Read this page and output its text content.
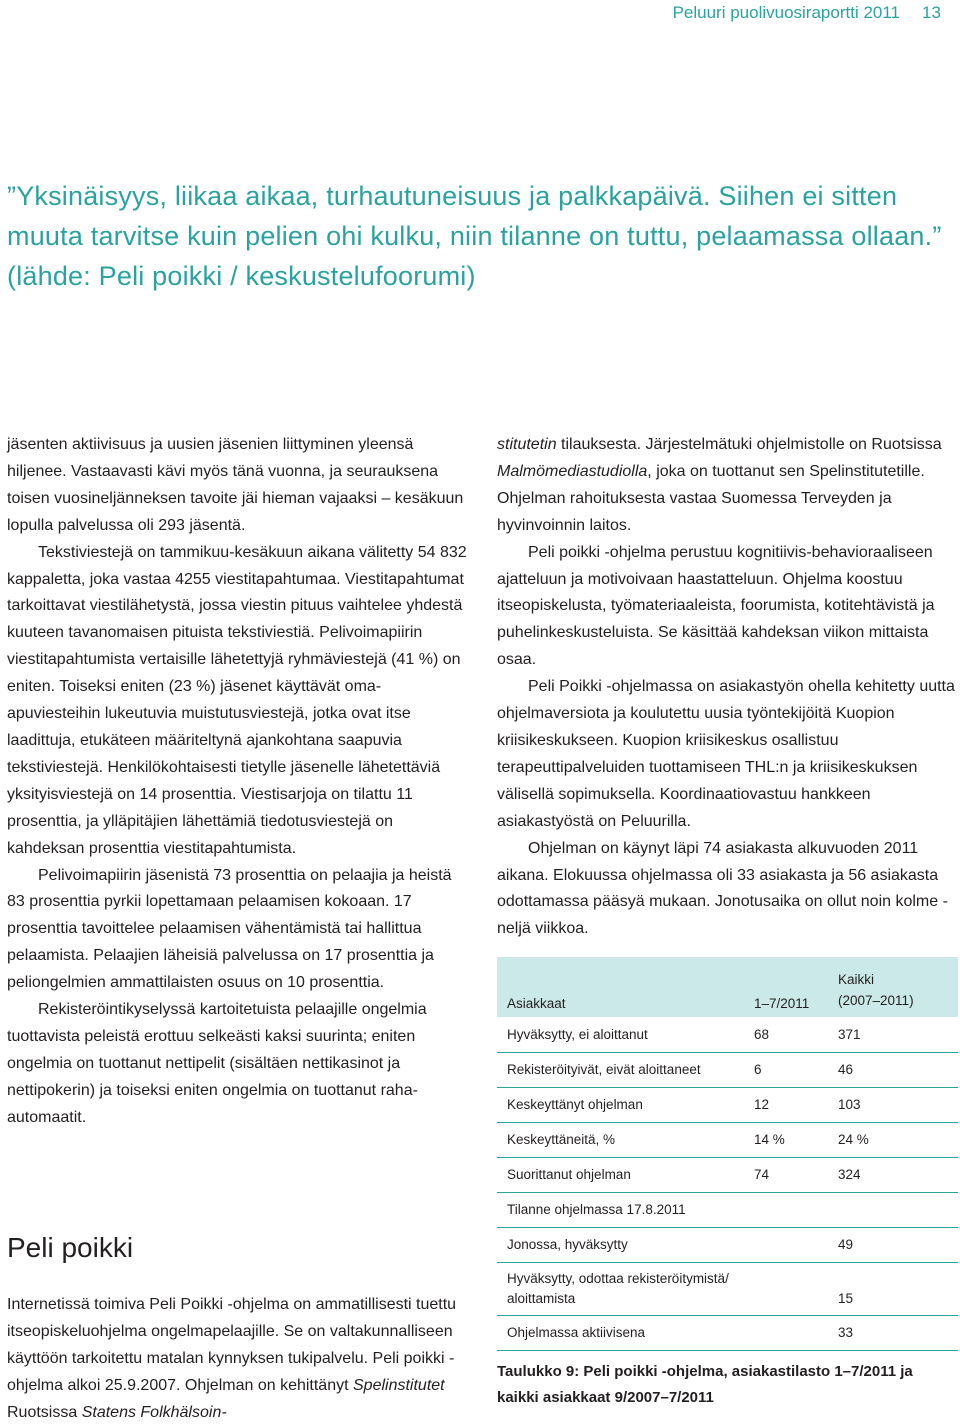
Peluuri puolivuosiraportti 2011 13
”Yksinäisyys, liikaa aikaa, turhautuneisuus ja palkkapäivä. Siihen ei sitten muuta tarvitse kuin pelien ohi kulku, niin tilanne on tuttu, pelaamassa ollaan.” (lähde: Peli poikki / keskustelufoorumi)

jäsenten aktiivisuus ja uusien jäsenien liittyminen yleensä hiljenee. Vastaavasti kävi myös tänä vuonna, ja seurauksena toisen vuosineljänneksen tavoite jäi hieman vajaaksi – kesäkuun lopulla palvelussa oli 293 jäsentä.

Tekstiviestejä on tammikuu-kesäkuun aikana välitetty 54 832 kappaletta, joka vastaa 4255 viestitapahtumaa. Viestitapahtumat tarkoittavat viestilähetystä, jossa viestin pituus vaihtelee yhdestä kuuteen tavanomaisen pituista tekstiviestiä. Pelivoimapiirin viestitapahtumista vertaisille lähetettyjä ryhmäviestejä (41 %) on eniten. Toiseksi eniten (23 %) jäsenet käyttävät oma-apuviesteihin lukeutuvia muistutusviestejä, jotka ovat itse laadittuja, etukäteen määriteltynä ajankohtana saapuvia tekstiviestejä. Henkilökohtaisesti tietylle jäsenelle lähetettäviä yksityisviestejä on 14 prosenttia. Viestisarjoja on tilattu 11 prosenttia, ja ylläpitäjien lähettämiä tiedotusviestejä on kahdeksan prosenttia viestitapahtumista.

Pelivoimapiirin jäsenistä 73 prosenttia on pelaajia ja heistä 83 prosenttia pyrkii lopettamaan pelaamisen kokoaan. 17 prosenttia tavoittelee pelaamisen vähentämistä tai hallittua pelaamista. Pelaajien läheisiä palvelussa on 17 prosenttia ja peliongelmien ammattilaisten osuus on 10 prosenttia.

Rekisteröintikyselyssä kartoitetuista pelaajille ongelmia tuottavista peleistä erottuu selkeästi kaksi suurinta; eniten ongelmia on tuottanut nettipelit (sisältäen nettikasinot ja nettipokerin) ja toiseksi eniten ongelmia on tuottanut raha-automaatit.

Peli poikki

Internetissä toimiva Peli Poikki -ohjelma on ammatillisesti tuettu itseopiskeluohjelma ongelmapelaajille. Se on valtakunnalliseen käyttöön tarkoitettu matalan kynnyksen tukipalvelu. Peli poikki -ohjelma alkoi 25.9.2007. Ohjelman on kehittänyt Spelinstitutet Ruotsissa Statens Folkhälsoin-

stitutetin tilauksesta. Järjestelmätuki ohjelmistolle on Ruotsissa Malmömediastudiolla, joka on tuottanut sen Spelinstitutetille. Ohjelman rahoituksesta vastaa Suomessa Terveyden ja hyvinvoinnin laitos.

Peli poikki -ohjelma perustuu kognitiivis-behavioraaliseen ajatteluun ja motivoivaan haastatteluun. Ohjelma koostuu itseopiskelusta, työmateriaaleista, foorumista, kotitehtävistä ja puhelinkeskusteluista. Se käsittää kahdeksan viikon mittaista osaa.

Peli Poikki -ohjelmassa on asiakastyön ohella kehitetty uutta ohjelmaversiota ja koulutettu uusia työntekijöitä Kuopion kriisikeskukseen. Kuopion kriisikeskus osallistuu terapeuttipalveluiden tuottamiseen THL:n ja kriisikeskuksen välisellä sopimuksella. Koordinaatiovastuu hankkeen asiakastyöstä on Peluurilla.

Ohjelman on käynyt läpi 74 asiakasta alkuvuoden 2011 aikana. Elokuussa ohjelmassa oli 33 asiakasta ja 56 asiakasta odottamassa pääsyä mukaan. Jonotusaika on ollut noin kolme - neljä viikkoa.

Asiakkaat	1–7/2011	Kaikki
(2007–2011)
Hyväksytty, ei aloittanut	68	371
Rekisteröityivät, eivät aloittaneet	6	46
Keskeyttänyt ohjelman	12	103
Keskeyttäneitä, %	14 %	24 %
Suorittanut ohjelman	74	324
Tilanne ohjelmassa 17.8.2011		
Jonossa, hyväksytty		49
Hyväksytty, odottaa rekisteröitymistä/
aloittamista		15
Ohjelmassa aktiivisena		33
Taulukko 9: Peli poikki -ohjelma, asiakastilasto 1–7/2011 ja kaikki asiakkaat 9/2007–7/2011
